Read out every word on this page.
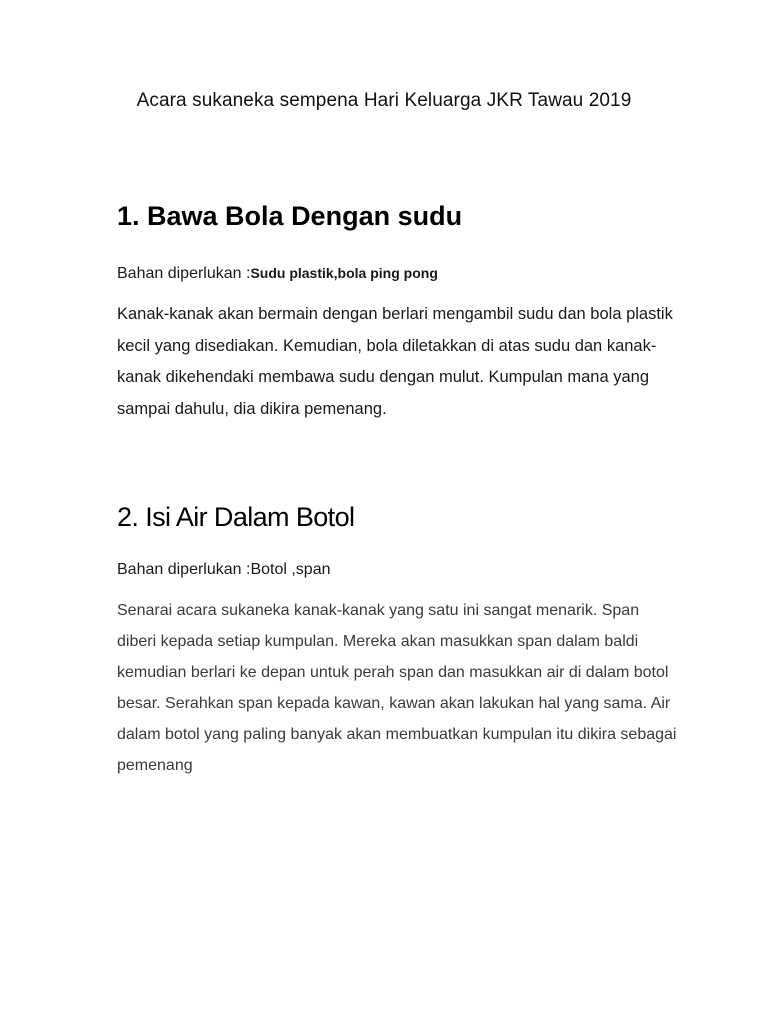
Acara sukaneka sempena Hari Keluarga JKR Tawau 2019
1. Bawa Bola Dengan sudu
Bahan diperlukan :Sudu plastik,bola ping pong

Kanak-kanak akan bermain dengan berlari mengambil sudu dan bola plastik kecil yang disediakan. Kemudian, bola diletakkan di atas sudu dan kanak-kanak dikehendaki membawa sudu dengan mulut. Kumpulan mana yang sampai dahulu, dia dikira pemenang.

2. Isi Air Dalam Botol
Bahan diperlukan :Botol ,span

Senarai acara sukaneka kanak-kanak yang satu ini sangat menarik. Span diberi kepada setiap kumpulan. Mereka akan masukkan span dalam baldi kemudian berlari ke depan untuk perah span dan masukkan air di dalam botol besar. Serahkan span kepada kawan, kawan akan lakukan hal yang sama. Air dalam botol yang paling banyak akan membuatkan kumpulan itu dikira sebagai pemenang
